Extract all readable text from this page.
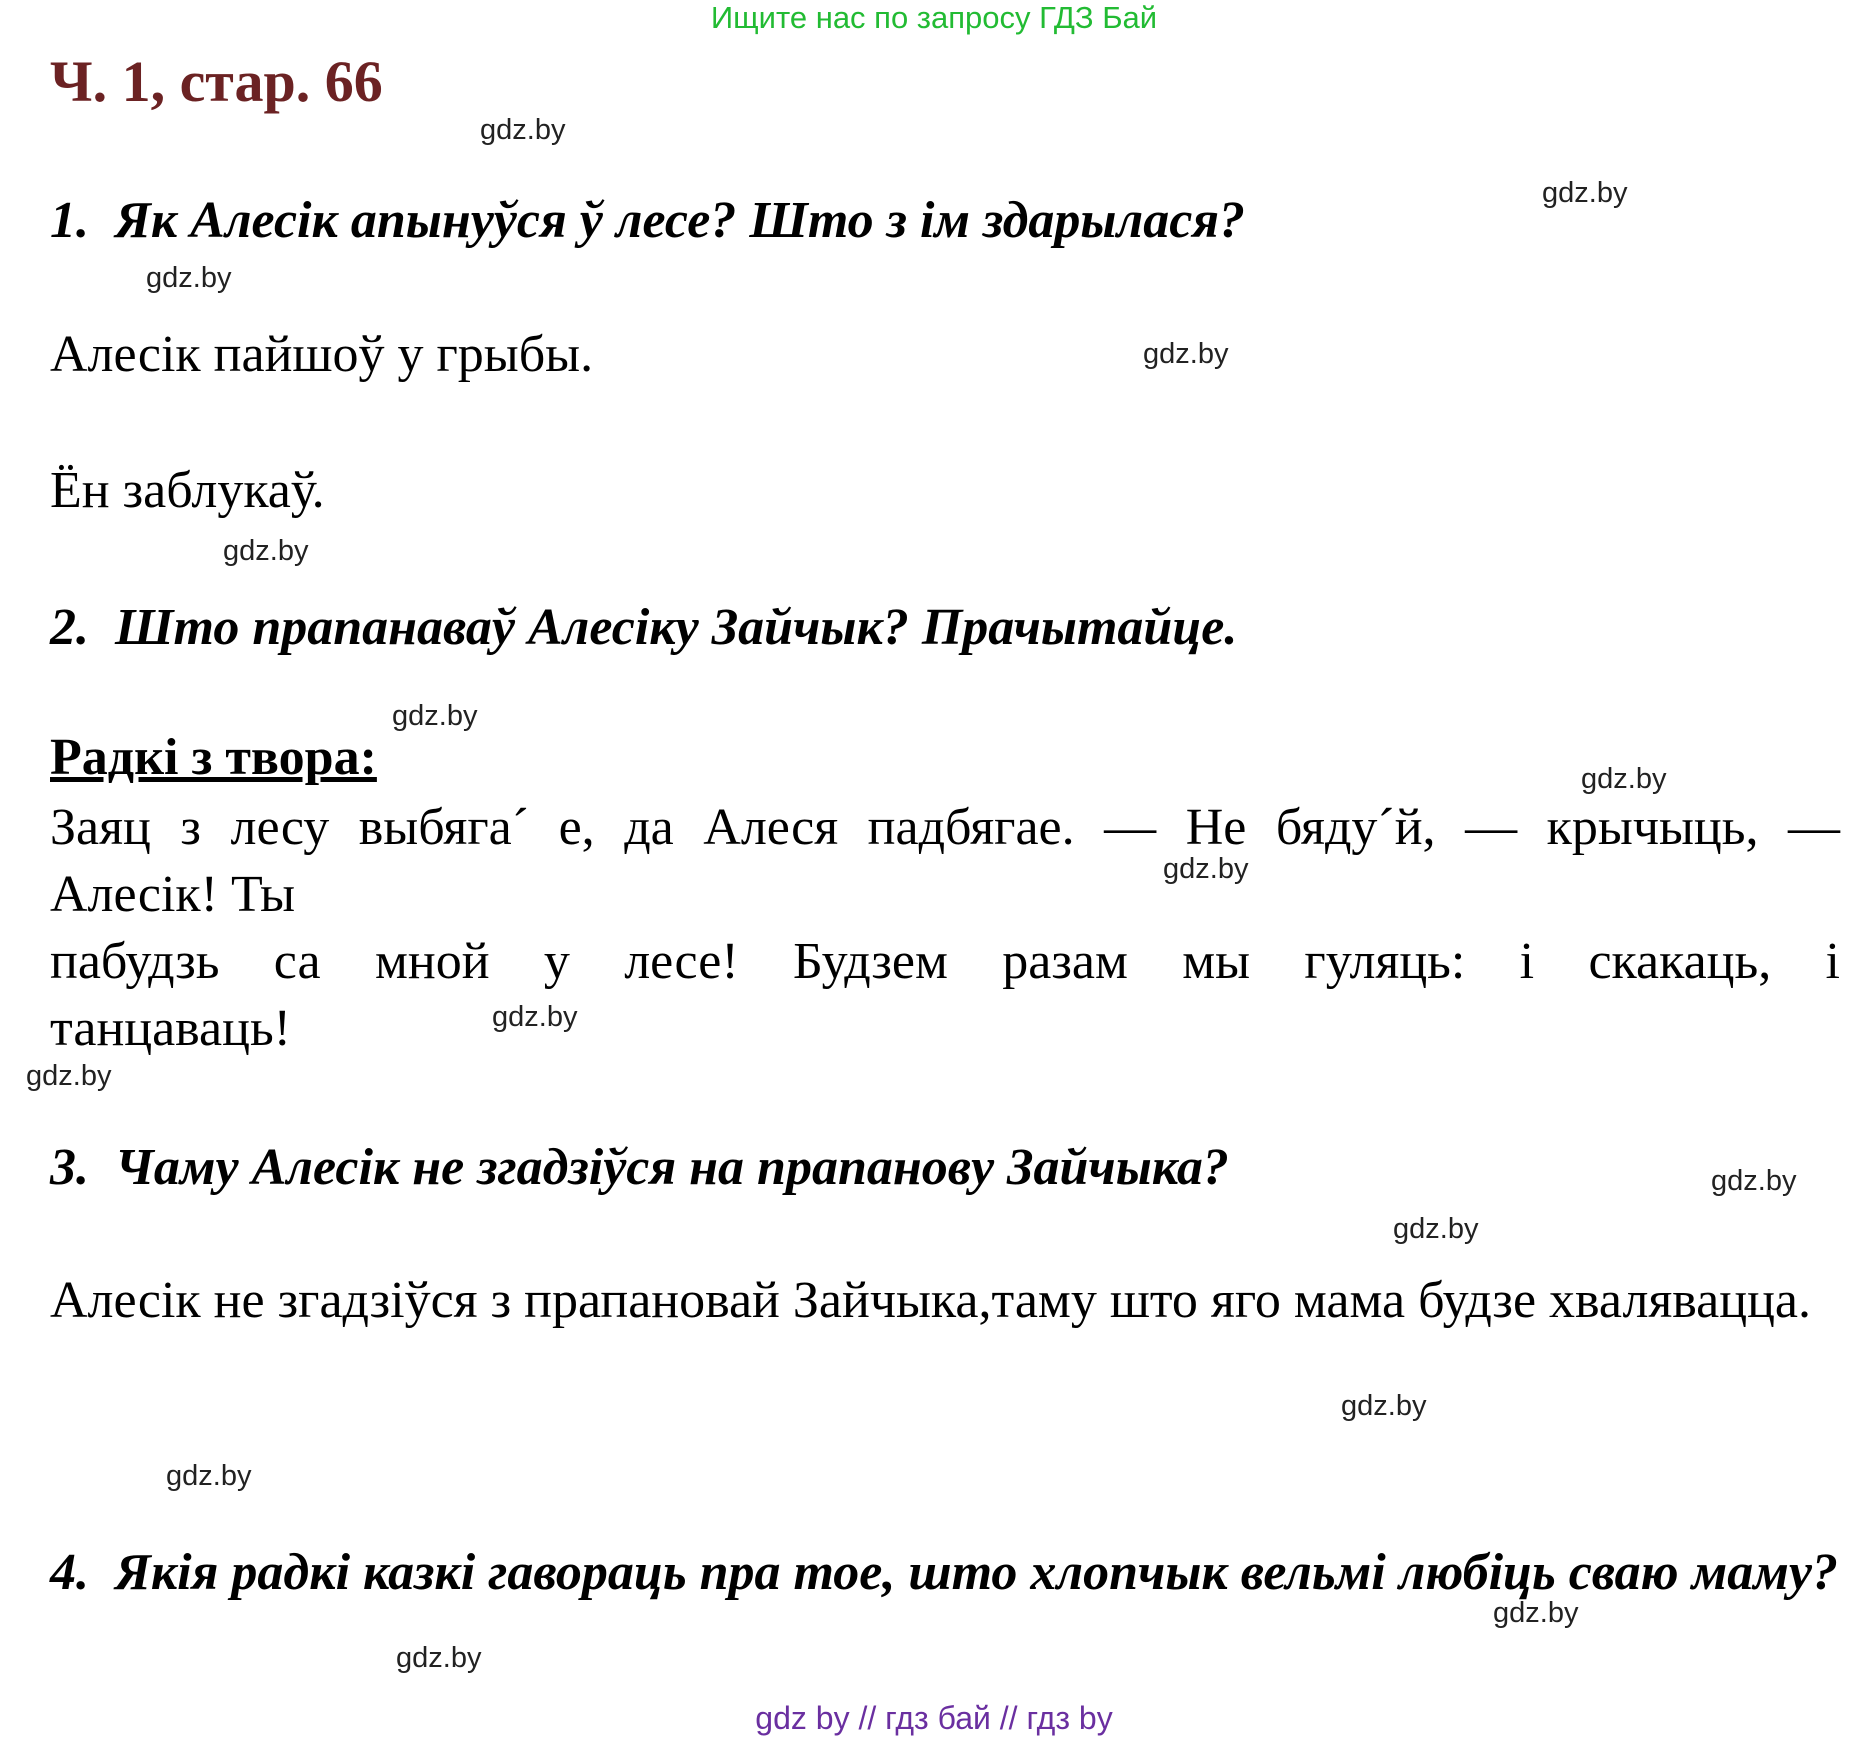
Ищите нас по запросу ГДЗ Бай
Ч. 1, стар. 66
1. Як Алесік апынуўся ў лесе? Што з ім здарылася?
Алесік пайшоў у грыбы.
Ён заблукаў.
2. Што прапанаваў Алесіку Зайчык? Прачытайце.
Радкі з твора:
Заяц з лесу выбяга´ е, да Алеся падбягае. — Не бяду´й, — крычыць, —
Алесік! Ты
пабудзь са мной у лесе! Будзем разам мы гуляць: і скакаць, і
танцаваць!
3. Чаму Алесік не згадзіўся на прапанову Зайчыка?
Алесік не згадзіўся з прапановай Зайчыка,таму што яго мама будзе хваляваццa.
4. Якія радкі казкі гавораць пра тое, што хлопчык вельмі любіць сваю маму?
gdz.by
gdz.by
gdz.by
gdz.by
gdz.by
gdz.by
gdz.by
gdz.by
gdz.by
gdz.by
gdz.by
gdz.by
gdz.by
gdz.by
gdz.by
gdz.by
gdz by // гдз бай // гдз by
